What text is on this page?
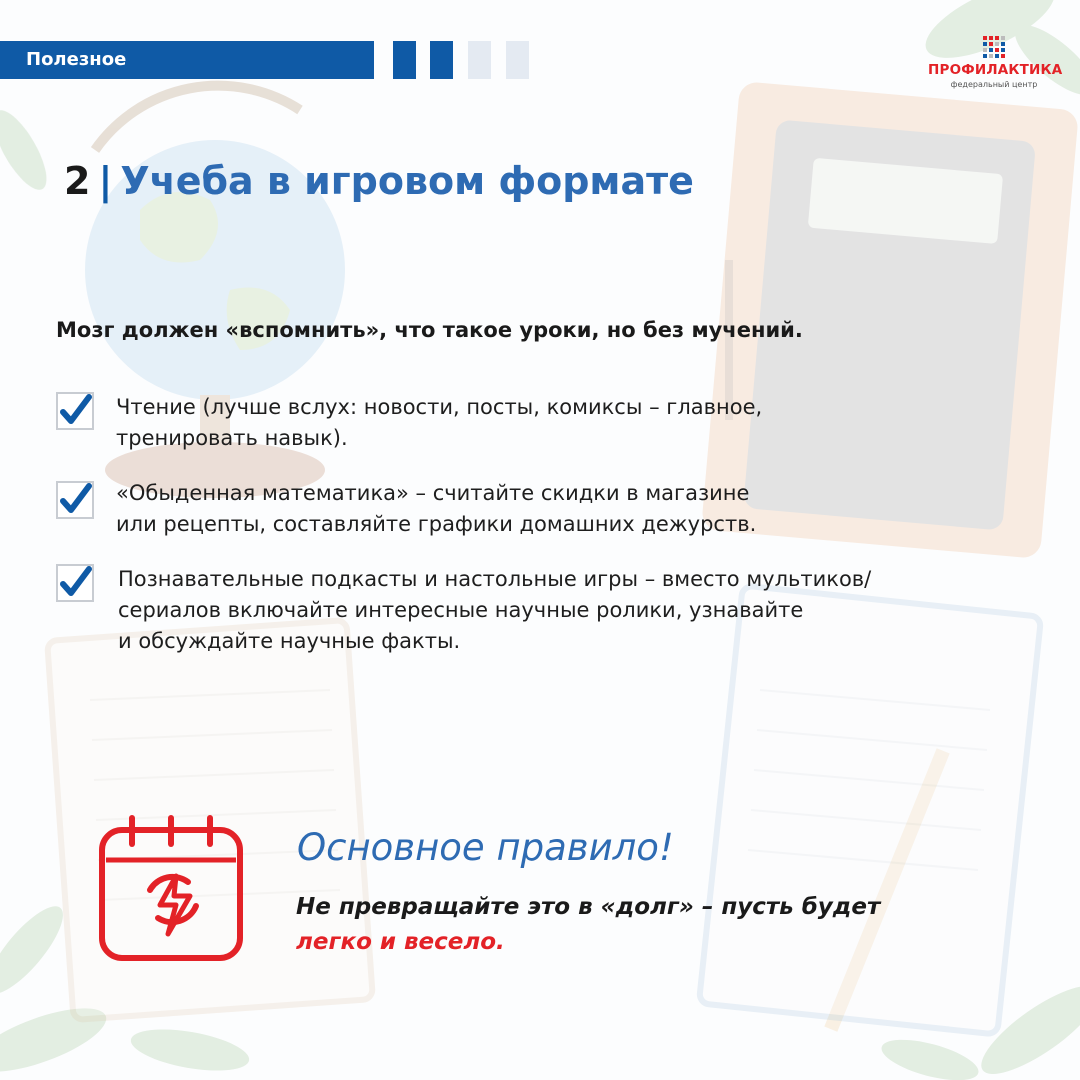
Полезное	ПРОФИЛАКТИКА
федеральный центр
2 | Учеба в игровом формате
Мозг должен «вспомнить», что такое уроки, но без мучений.
Чтение (лучше вслух: новости, посты, комиксы – главное,
тренировать навык).
«Обыденная математика» – считайте скидки в магазине
или рецепты, составляйте графики домашних дежурств.
Познавательные подкасты и настольные игры – вместо мультиков/
сериалов включайте интересные научные ролики, узнавайте
и обсуждайте научные факты.
Основное правило!
Не превращайте это в «долг» – пусть будет
легко и весело.
